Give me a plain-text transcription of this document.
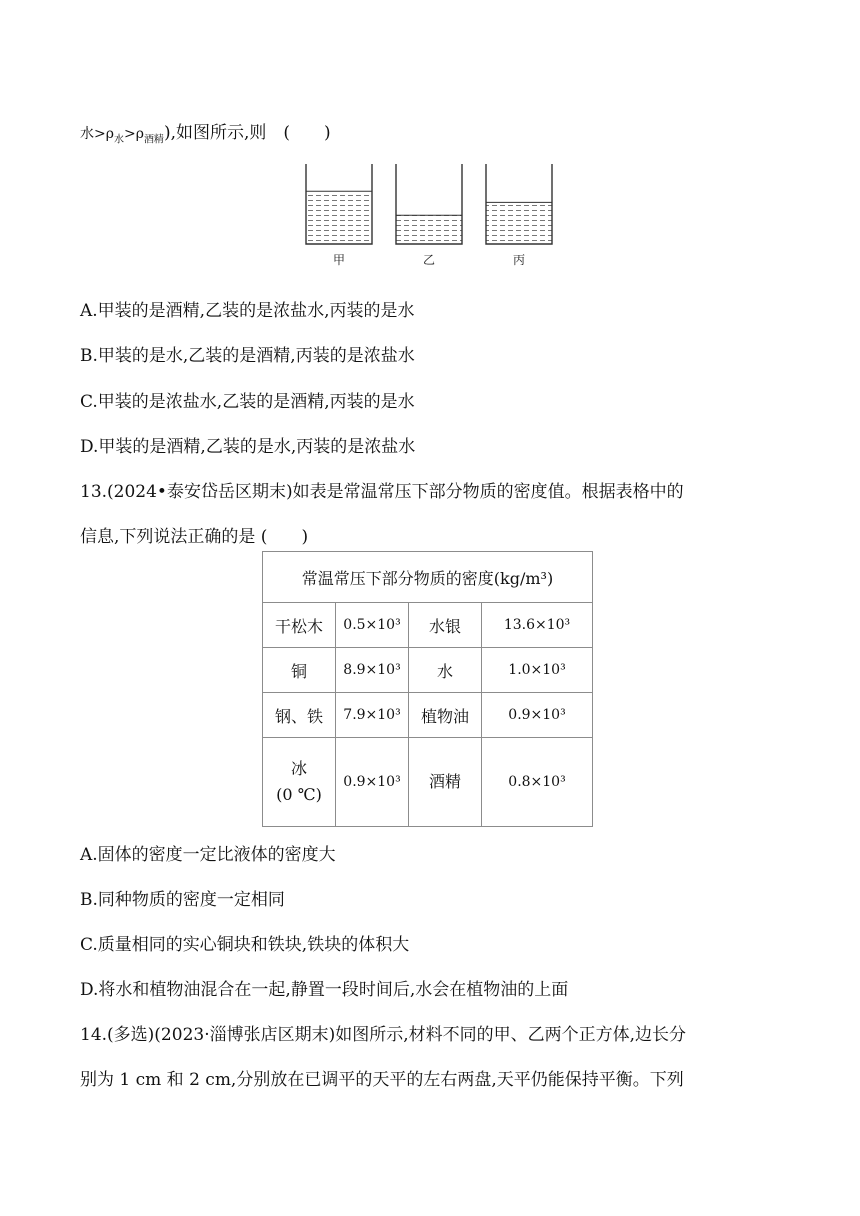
水$>\rho_水>\rho_{酒精}$),如图所示,则　(　　)
甲	乙	丙
A.甲装的是酒精,乙装的是浓盐水,丙装的是水
B.甲装的是水,乙装的是酒精,丙装的是浓盐水
C.甲装的是浓盐水,乙装的是酒精,丙装的是水
D.甲装的是酒精,乙装的是水,丙装的是浓盐水
13.(2024•泰安岱岳区期末)如表是常温常压下部分物质的密度值。根据表格中的
信息,下列说法正确的是 (　　)
常温常压下部分物质的密度(kg/m³)			
干松木	0.5×10³	水银	13.6×10³
铜	8.9×10³	水	1.0×10³
钢、铁	7.9×10³	植物油	0.9×10³

冰
(0 ℃)	0.9×10³	酒精	0.8×10³
A.固体的密度一定比液体的密度大
B.同种物质的密度一定相同
C.质量相同的实心铜块和铁块,铁块的体积大
D.将水和植物油混合在一起,静置一段时间后,水会在植物油的上面
14.(多选)(2023·淄博张店区期末)如图所示,材料不同的甲、乙两个正方体,边长分
别为 1 cm 和 2 cm,分别放在已调平的天平的左右两盘,天平仍能保持平衡。下列
